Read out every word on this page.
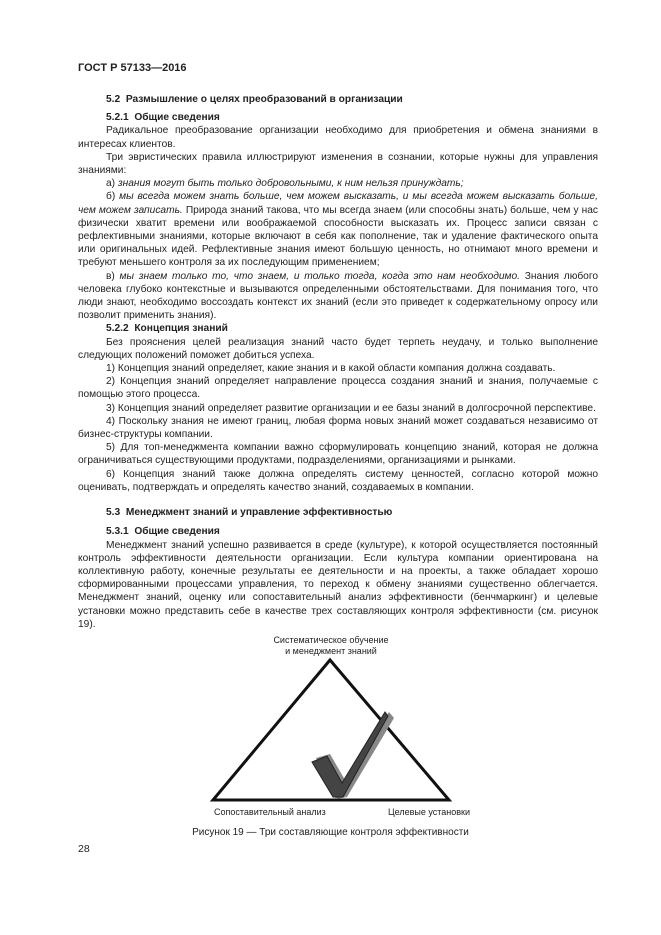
ГОСТ Р 57133—2016

5.2 Размышление о целях преобразований в организации

5.2.1 Общие сведения

Радикальное преобразование организации необходимо для приобретения и обмена знаниями в интересах клиентов.

Три эвристических правила иллюстрируют изменения в сознании, которые нужны для управления знаниями:

а) знания могут быть только добровольными, к ним нельзя принуждать;

б) мы всегда можем знать больше, чем можем высказать, и мы всегда можем высказать больше, чем можем записать. Природа знаний такова, что мы всегда знаем (или способны знать) больше, чем у нас физически хватит времени или воображаемой способности высказать их. Процесс записи связан с рефлективными знаниями, которые включают в себя как пополнение, так и удаление фактического опыта или оригинальных идей. Рефлективные знания имеют большую ценность, но отнимают много времени и требуют меньшего контроля за их последующим применением;

в) мы знаем только то, что знаем, и только тогда, когда это нам необходимо. Знания любого человека глубоко контекстные и вызываются определенными обстоятельствами. Для понимания того, что люди знают, необходимо воссоздать контекст их знаний (если это приведет к содержательному опросу или позволит применить знания).

5.2.2 Концепция знаний

Без прояснения целей реализация знаний часто будет терпеть неудачу, и только выполнение следующих положений поможет добиться успеха.

1) Концепция знаний определяет, какие знания и в какой области компания должна создавать.

2) Концепция знаний определяет направление процесса создания знаний и знания, получаемые с помощью этого процесса.

3) Концепция знаний определяет развитие организации и ее базы знаний в долгосрочной перспективе.

4) Поскольку знания не имеют границ, любая форма новых знаний может создаваться независимо от бизнес-структуры компании.

5) Для топ-менеджмента компании важно сформулировать концепцию знаний, которая не должна ограничиваться существующими продуктами, подразделениями, организациями и рынками.

6) Концепция знаний также должна определять систему ценностей, согласно которой можно оценивать, подтверждать и определять качество знаний, создаваемых в компании.

5.3 Менеджмент знаний и управление эффективностью

5.3.1 Общие сведения

Менеджмент знаний успешно развивается в среде (культуре), к которой осуществляется постоянный контроль эффективности деятельности организации. Если культура компании ориентирована на коллективную работу, конечные результаты ее деятельности и на проекты, а также обладает хорошо сформированными процессами управления, то переход к обмену знаниями существенно облегчается. Менеджмент знаний, оценку или сопоставительный анализ эффективности (бенчмаркинг) и целевые установки можно представить себе в качестве трех составляющих контроля эффективности (см. рисунок 19).

Систематическое обучение
и менеджмент знаний
Сопоставительный анализ	Целевые установки
Рисунок 19 — Три составляющие контроля эффективности
28
